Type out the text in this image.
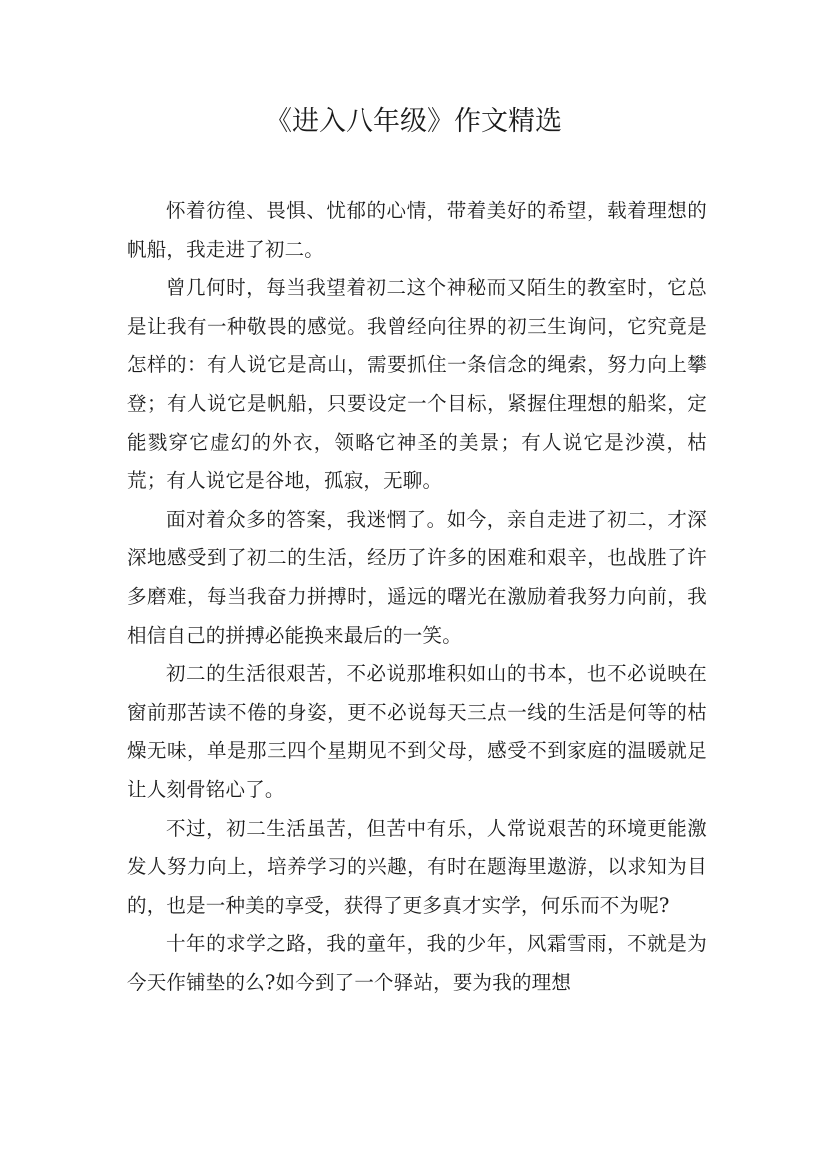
《进入八年级》作文精选

怀着彷徨、畏惧、忧郁的心情，带着美好的希望，载着理想的帆船，我走进了初二。

曾几何时，每当我望着初二这个神秘而又陌生的教室时，它总是让我有一种敬畏的感觉。我曾经向往界的初三生询问，它究竟是怎样的：有人说它是高山，需要抓住一条信念的绳索，努力向上攀登；有人说它是帆船，只要设定一个目标，紧握住理想的船桨，定能戮穿它虚幻的外衣，领略它神圣的美景；有人说它是沙漠，枯荒；有人说它是谷地，孤寂，无聊。

面对着众多的答案，我迷惘了。如今，亲自走进了初二，才深深地感受到了初二的生活，经历了许多的困难和艰辛，也战胜了许多磨难，每当我奋力拼搏时，遥远的曙光在激励着我努力向前，我相信自己的拼搏必能换来最后的一笑。

初二的生活很艰苦，不必说那堆积如山的书本，也不必说映在窗前那苦读不倦的身姿，更不必说每天三点一线的生活是何等的枯燥无味，单是那三四个星期见不到父母，感受不到家庭的温暖就足让人刻骨铭心了。

不过，初二生活虽苦，但苦中有乐，人常说艰苦的环境更能激发人努力向上，培养学习的兴趣，有时在题海里遨游，以求知为目的，也是一种美的享受，获得了更多真才实学，何乐而不为呢?

十年的求学之路，我的童年，我的少年，风霜雪雨，不就是为今天作铺垫的么?如今到了一个驿站，要为我的理想
